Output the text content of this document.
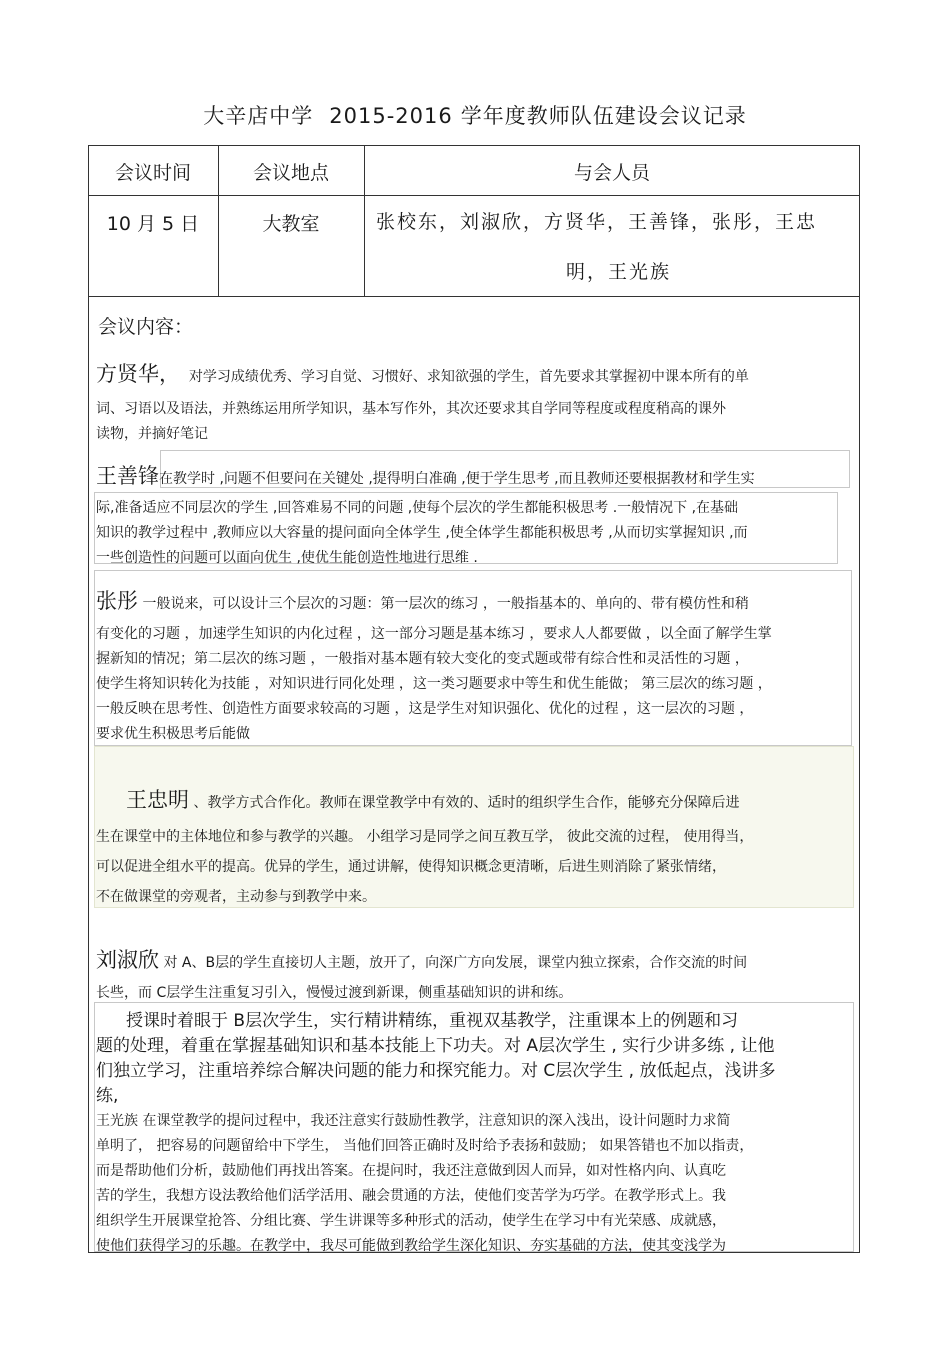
大辛店中学 2015-2016 学年度教师队伍建设会议记录
会议时间	会议地点	与会人员
10 月 5 日	大教室	张校东，刘淑欣，方贤华，王善锋，张彤，王忠
明，王光族
会议内容：
方贤华， 对学习成绩优秀、学习自觉、习惯好、求知欲强的学生，首先要求其掌握初中课本所有的单
词、习语以及语法，并熟练运用所学知识，基本写作外，其次还要求其自学同等程度或程度稍高的课外
读物，并摘好笔记
王善锋在教学时 ,问题不但要问在关键处 ,提得明白准确 ,便于学生思考 ,而且教师还要根据教材和学生实
际,准备适应不同层次的学生 ,回答难易不同的问题 ,使每个层次的学生都能积极思考 .一般情况下 ,在基础
知识的教学过程中 ,教师应以大容量的提问面向全体学生 ,使全体学生都能积极思考 ,从而切实掌握知识 ,而
一些创造性的问题可以面向优生 ,使优生能创造性地进行思维 .
张彤 一般说来，可以设计三个层次的习题：第一层次的练习 ，一般指基本的、单向的、带有模仿性和稍
有变化的习题 ，加速学生知识的内化过程 ，这一部分习题是基本练习 ，要求人人都要做 ，以全面了解学生掌
握新知的情况；第二层次的练习题 ，一般指对基本题有较大变化的变式题或带有综合性和灵活性的习题 ，
使学生将知识转化为技能 ，对知识进行同化处理 ，这一类习题要求中等生和优生能做； 第三层次的练习题 ，
一般反映在思考性、创造性方面要求较高的习题 ，这是学生对知识强化、优化的过程 ，这一层次的习题 ，
要求优生积极思考后能做
王忠明 、教学方式合作化。教师在课堂教学中有效的、适时的组织学生合作，能够充分保障后进
生在课堂中的主体地位和参与教学的兴趣。 小组学习是同学之间互教互学， 彼此交流的过程， 使用得当，
可以促进全组水平的提高。优异的学生，通过讲解，使得知识概念更清晰，后进生则消除了紧张情绪，
不在做课堂的旁观者，主动参与到教学中来。
刘淑欣 对 A、B层的学生直接切人主题，放开了，向深广方向发展，课堂内独立探索，合作交流的时间
长些，而 C层学生注重复习引入，慢慢过渡到新课，侧重基础知识的讲和练。
授课时着眼于 B层次学生，实行精讲精练，重视双基教学，注重课本上的例题和习
题的处理，着重在掌握基础知识和基本技能上下功夫。对 A层次学生 , 实行少讲多练 , 让他
们独立学习，注重培养综合解决问题的能力和探究能力。对 C层次学生 , 放低起点，浅讲多
练,
王光族 在课堂教学的提问过程中，我还注意实行鼓励性教学，注意知识的深入浅出，设计问题时力求简
单明了， 把容易的问题留给中下学生， 当他们回答正确时及时给予表扬和鼓励； 如果答错也不加以指责，
而是帮助他们分析，鼓励他们再找出答案。在提问时，我还注意做到因人而异，如对性格内向、认真吃
苦的学生，我想方设法教给他们活学活用、融会贯通的方法，使他们变苦学为巧学。在教学形式上。我
组织学生开展课堂抢答、分组比赛、学生讲课等多种形式的活动，使学生在学习中有光荣感、成就感，
使他们获得学习的乐趣。在教学中，我尽可能做到教给学生深化知识、夯实基础的方法，使其变浅学为
